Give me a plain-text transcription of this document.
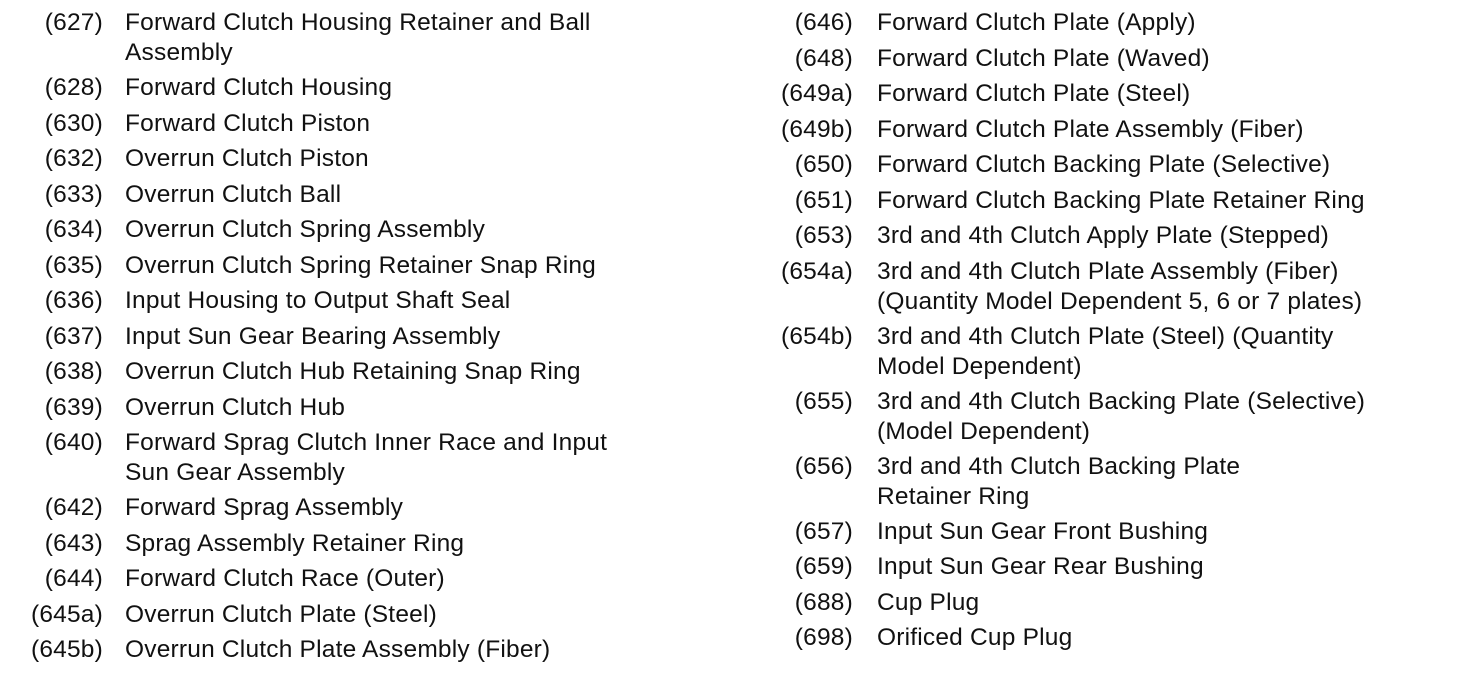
(627) Forward Clutch Housing Retainer and Ball
Assembly
(628) Forward Clutch Housing
(630) Forward Clutch Piston
(632) Overrun Clutch Piston
(633) Overrun Clutch Ball
(634) Overrun Clutch Spring Assembly
(635) Overrun Clutch Spring Retainer Snap Ring
(636) Input Housing to Output Shaft Seal
(637) Input Sun Gear Bearing Assembly
(638) Overrun Clutch Hub Retaining Snap Ring
(639) Overrun Clutch Hub
(640) Forward Sprag Clutch Inner Race and Input
Sun Gear Assembly
(642) Forward Sprag Assembly
(643) Sprag Assembly Retainer Ring
(644) Forward Clutch Race (Outer)
(645a) Overrun Clutch Plate (Steel)
(645b) Overrun Clutch Plate Assembly (Fiber)
(646) Forward Clutch Plate (Apply)
(648) Forward Clutch Plate (Waved)
(649a) Forward Clutch Plate (Steel)
(649b) Forward Clutch Plate Assembly (Fiber)
(650) Forward Clutch Backing Plate (Selective)
(651) Forward Clutch Backing Plate Retainer Ring
(653) 3rd and 4th Clutch Apply Plate (Stepped)
(654a) 3rd and 4th Clutch Plate Assembly (Fiber)
(Quantity Model Dependent 5, 6 or 7 plates)
(654b) 3rd and 4th Clutch Plate (Steel) (Quantity
Model Dependent)
(655) 3rd and 4th Clutch Backing Plate (Selective)
(Model Dependent)
(656) 3rd and 4th Clutch Backing Plate
Retainer Ring
(657) Input Sun Gear Front Bushing
(659) Input Sun Gear Rear Bushing
(688) Cup Plug
(698) Orificed Cup Plug
